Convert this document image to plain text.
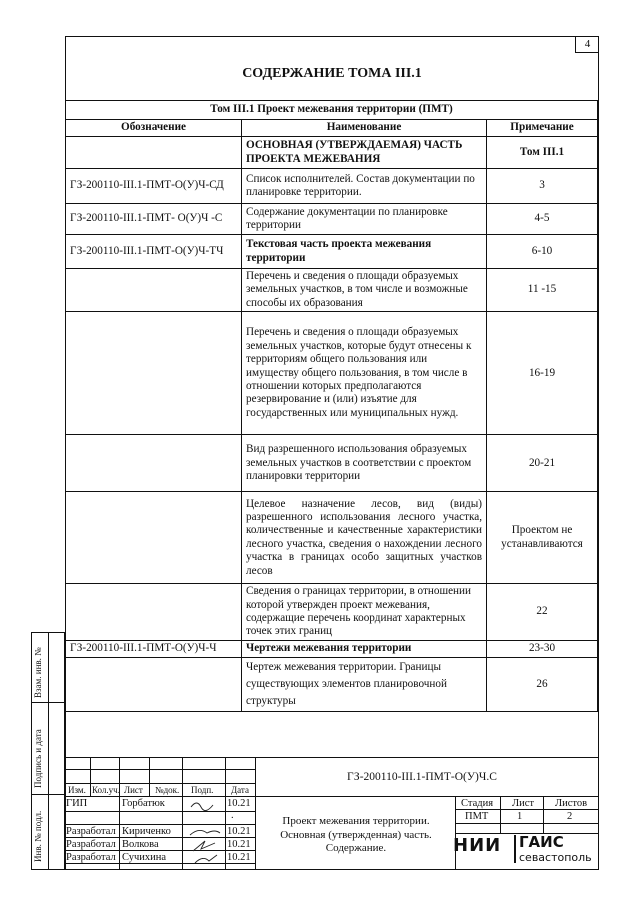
4
СОДЕРЖАНИЕ ТОМА III.1
Том III.1 Проект межевания территории (ПМТ)		
Обозначение	Наименование	Примечание
	ОСНОВНАЯ (УТВЕРЖДАЕМАЯ) ЧАСТЬ ПРОЕКТА МЕЖЕВАНИЯ	Том III.1
ГЗ-200110-III.1-ПМТ-О(У)Ч-СД	Список исполнителей. Состав документации по планировке территории.	3
ГЗ-200110-III.1-ПМТ- О(У)Ч -С	Содержание документации по планировке территории	4-5
ГЗ-200110-III.1-ПМТ-О(У)Ч-ТЧ	Текстовая часть проекта межевания территории	6-10
	Перечень и сведения о площади образуемых земельных участков, в том числе и возможные способы их образования	11 -15
	Перечень и сведения о площади образуемых земельных участков, которые будут отнесены к территориям общего пользования или имуществу общего пользования, в том числе в отношении которых предполагаются резервирование и (или) изъятие для государственных или муниципальных нужд.	16-19
	Вид разрешенного использования образуемых земельных участков в соответствии с проектом планировки территории	20-21
	Целевое назначение лесов, вид (виды) разрешенного использования лесного участка, количественные и качественные характеристики лесного участка, сведения о нахождении лесного участка в границах особо защитных участков лесов	Проектом не устанавливаются
	Сведения о границах территории, в отношении которой утвержден проект межевания, содержащие перечень координат характерных точек этих границ	22
ГЗ-200110-III.1-ПМТ-О(У)Ч-Ч	Чертежи межевания территории	23-30
	Чертеж межевания территории. Границы существующих элементов планировочной структуры	26
Изм. Кол.уч. Лист №док. Подп. Дата
ГЗ-200110-III.1-ПМТ-О(У)Ч.С
ГИП	Горбатюк	10.21
.
Разработал Кириченко	10.21
Разработал Волкова	10.21
Разработал Сучихина	10.21
Проект межевания территории. Основная (утвержденная) часть. Содержание.
Стадия Лист Листов
ПМТ	1	2
НИИ ГАИС
севастополь
Взам. инв. №
Подпись и дата
Инв. № подл.
